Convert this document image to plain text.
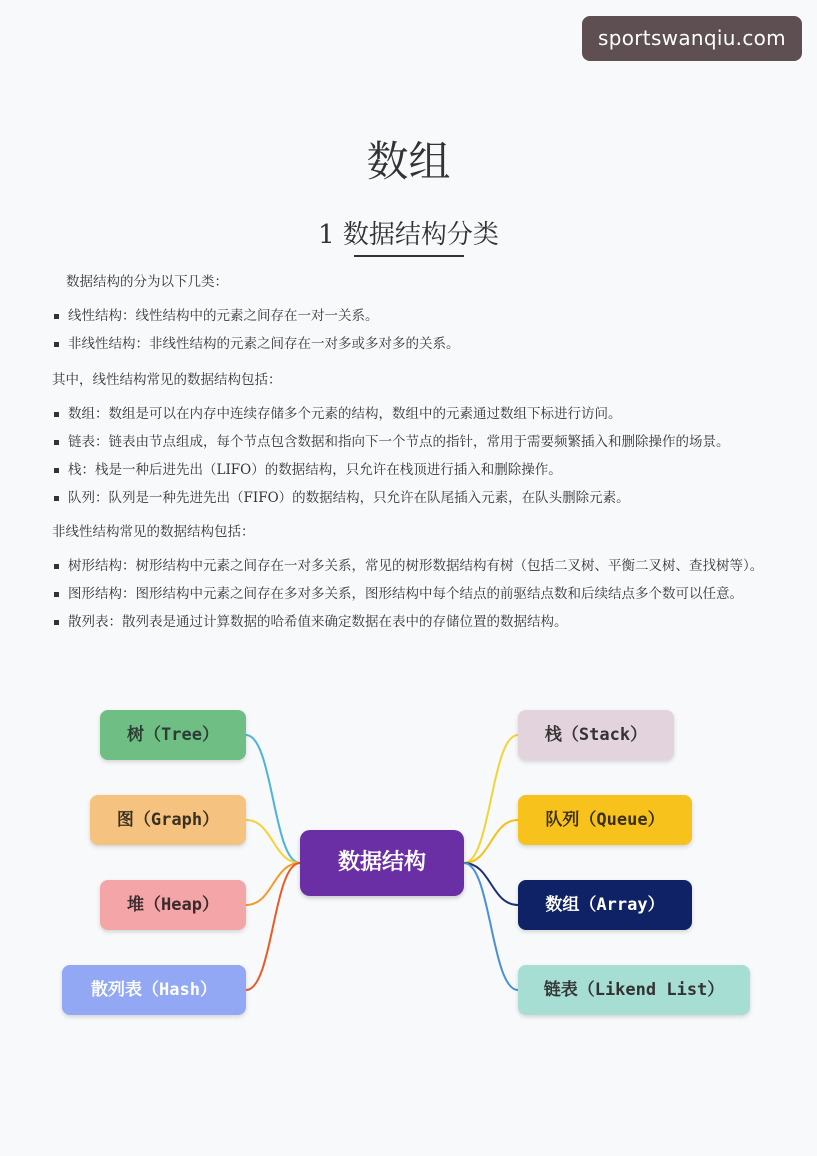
sportswanqiu.com
数组
1 数据结构分类
数据结构的分为以下几类：
线性结构：线性结构中的元素之间存在一对一关系。
非线性结构：非线性结构的元素之间存在一对多或多对多的关系。
其中，线性结构常见的数据结构包括：
数组：数组是可以在内存中连续存储多个元素的结构，数组中的元素通过数组下标进行访问。
链表：链表由节点组成，每个节点包含数据和指向下一个节点的指针，常用于需要频繁插入和删除操作的场景。
栈：栈是一种后进先出（LIFO）的数据结构，只允许在栈顶进行插入和删除操作。
队列：队列是一种先进先出（FIFO）的数据结构，只允许在队尾插入元素，在队头删除元素。
非线性结构常见的数据结构包括：
树形结构：树形结构中元素之间存在一对多关系，常见的树形数据结构有树（包括二叉树、平衡二叉树、查找树等）。
图形结构：图形结构中元素之间存在多对多关系，图形结构中每个结点的前驱结点数和后续结点多个数可以任意。
散列表：散列表是通过计算数据的哈希值来确定数据在表中的存储位置的数据结构。
数据结构
树（Tree）
图（Graph）
堆（Heap）
散列表（Hash）
栈（Stack）
队列（Queue）
数组（Array）
链表（Likend List）
